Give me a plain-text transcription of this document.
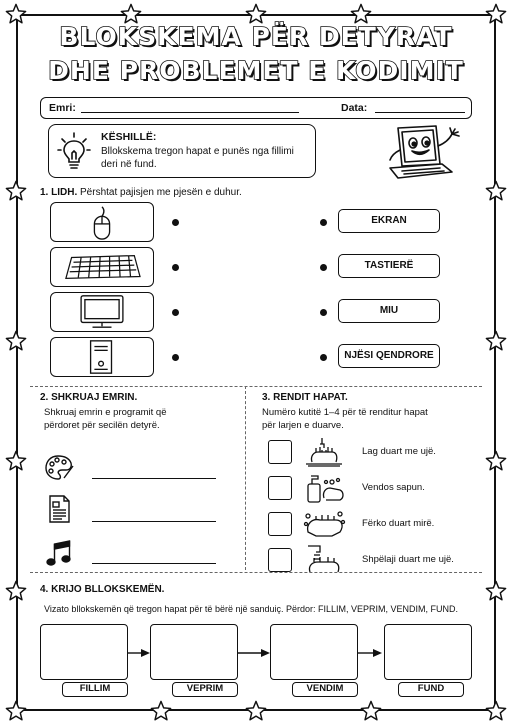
BLOKSKEMA PËR DETYRAT
DHE PROBLEMET E KODIMIT
Emri:	Data:
KËSHILLË:
Bllokskema tregon hapat e punës nga fillimi deri në fund.
1. LIDH. Përshtat pajisjen me pjesën e duhur.
EKRAN
TASTIERË
MIU
NJËSI QENDRORE
2. SHKRUAJ EMRIN.
Shkruaj emrin e programit që përdoret për secilën detyrë.
3. RENDIT HAPAT.
Numëro kutitë 1–4 për të renditur hapat për larjen e duarve.
Lag duart me ujë.
Vendos sapun.
Fërko duart mirë.
Shpëlaji duart me ujë.
4. KRIJO BLLOKSKEMËN.
Vizato bllokskemën që tregon hapat për të bërë një sanduiç. Përdor: FILLIM, VEPRIM, VENDIM, FUND.
FILLIM	VEPRIM	VENDIM	FUND
